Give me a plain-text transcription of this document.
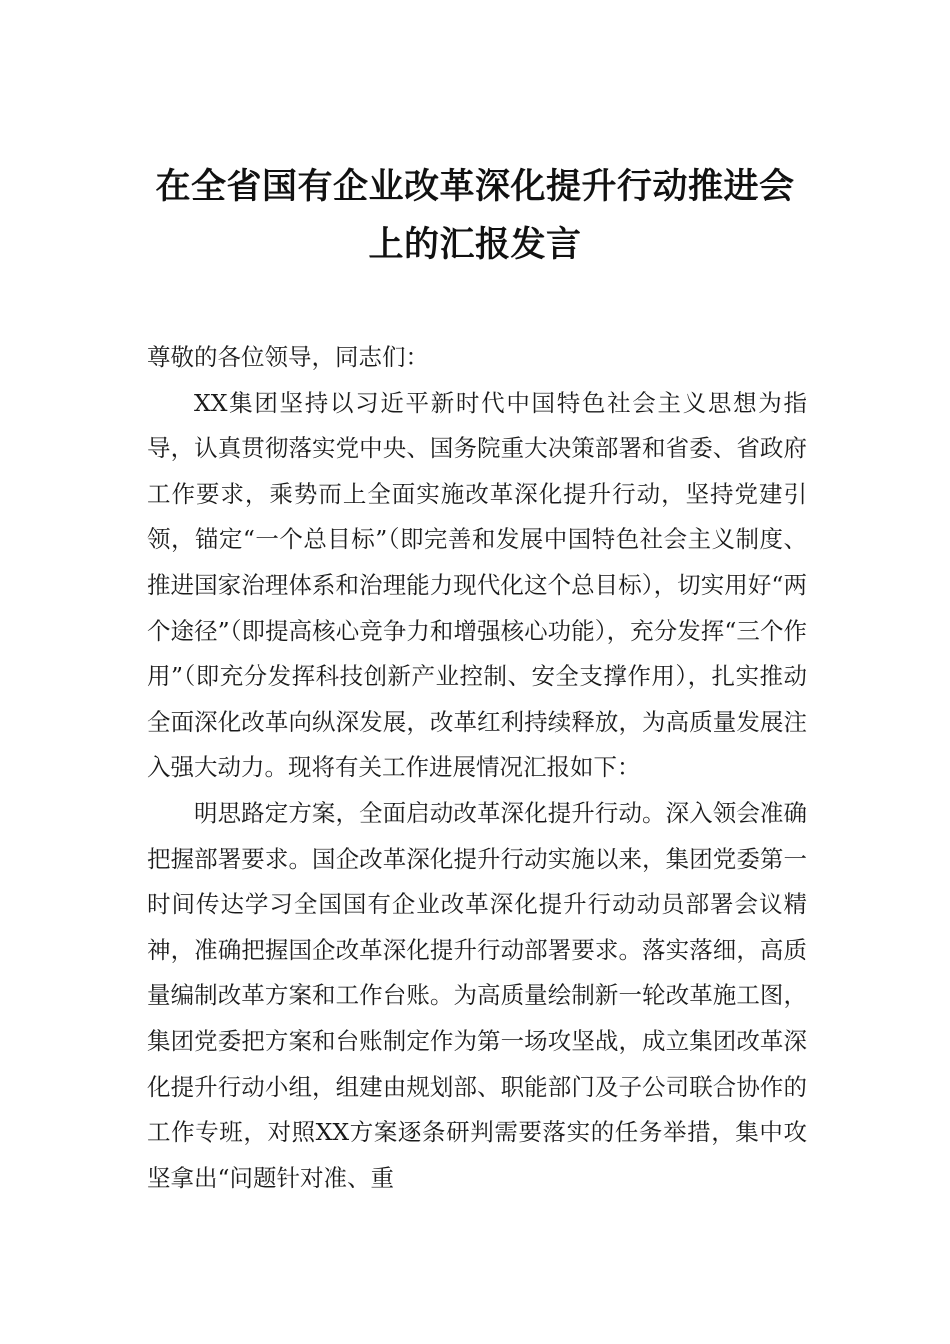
在全省国有企业改革深化提升行动推进会上的汇报发言

尊敬的各位领导，同志们：

XX集团坚持以习近平新时代中国特色社会主义思想为指导，认真贯彻落实党中央、国务院重大决策部署和省委、省政府工作要求，乘势而上全面实施改革深化提升行动，坚持党建引领，锚定“一个总目标”（即完善和发展中国特色社会主义制度、推进国家治理体系和治理能力现代化这个总目标），切实用好“两个途径”（即提高核心竞争力和增强核心功能），充分发挥“三个作用”（即充分发挥科技创新产业控制、安全支撑作用），扎实推动全面深化改革向纵深发展，改革红利持续释放，为高质量发展注入强大动力。现将有关工作进展情况汇报如下：

明思路定方案，全面启动改革深化提升行动。深入领会准确把握部署要求。国企改革深化提升行动实施以来，集团党委第一时间传达学习全国国有企业改革深化提升行动动员部署会议精神，准确把握国企改革深化提升行动部署要求。落实落细，高质量编制改革方案和工作台账。为高质量绘制新一轮改革施工图，集团党委把方案和台账制定作为第一场攻坚战，成立集团改革深化提升行动小组，组建由规划部、职能部门及子公司联合协作的工作专班，对照XX方案逐条研判需要落实的任务举措，集中攻坚拿出“问题针对准、重
